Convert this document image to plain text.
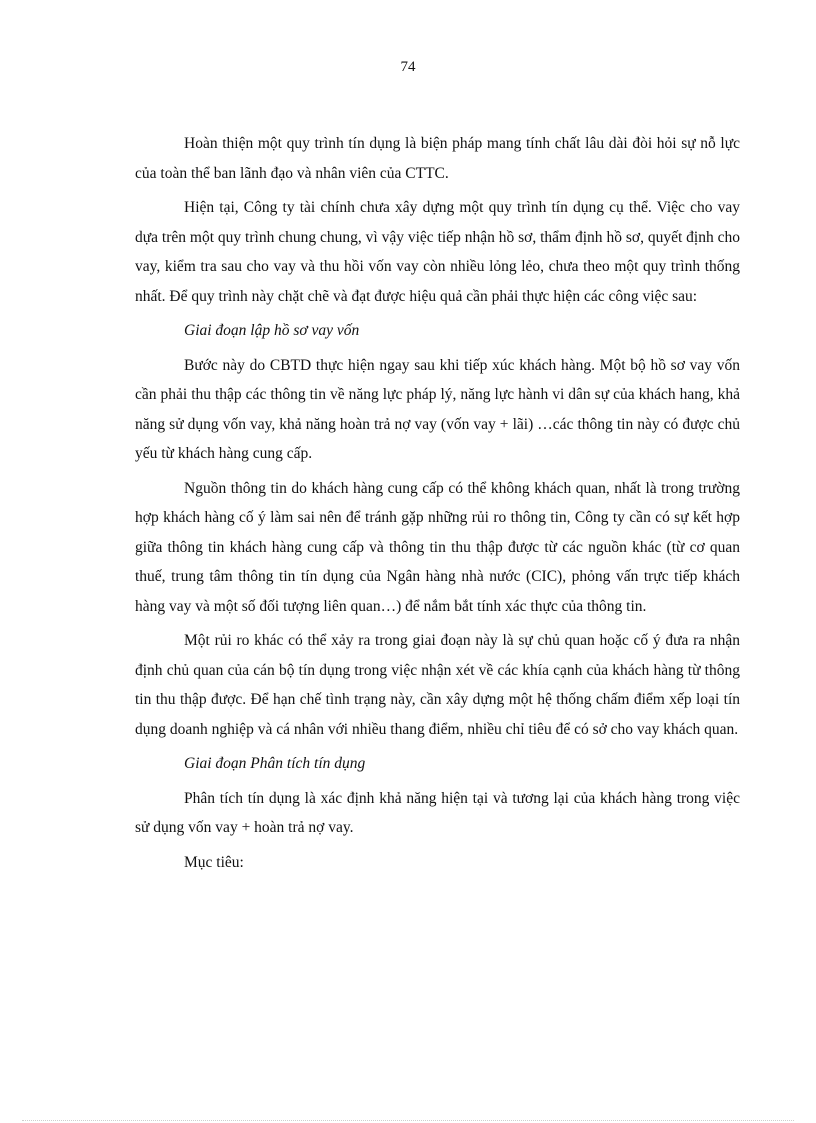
74

Hoàn thiện một quy trình tín dụng là biện pháp mang tính chất lâu dài đòi hỏi sự nỗ lực của toàn thể ban lãnh đạo và nhân viên của CTTC.

Hiện tại, Công ty tài chính chưa xây dựng một quy trình tín dụng cụ thể. Việc cho vay dựa trên một quy trình chung chung, vì vậy việc tiếp nhận hồ sơ, thẩm định hồ sơ, quyết định cho vay, kiểm tra sau cho vay và thu hồi vốn vay còn nhiều lỏng lẻo, chưa theo một quy trình thống nhất. Để quy trình này chặt chẽ và đạt được hiệu quả cần phải thực hiện các công việc sau:

Giai đoạn lập hồ sơ vay vốn

Bước này do CBTD thực hiện ngay sau khi tiếp xúc khách hàng. Một bộ hồ sơ vay vốn cần phải thu thập các thông tin về năng lực pháp lý, năng lực hành vi dân sự của khách hang, khả năng sử dụng vốn vay, khả năng hoàn trả nợ vay (vốn vay + lãi) …các thông tin này có được chủ yếu từ khách hàng cung cấp.

Nguồn thông tin do khách hàng cung cấp có thể không khách quan, nhất là trong trường hợp khách hàng cố ý làm sai nên để tránh gặp những rủi ro thông tin, Công ty cần có sự kết hợp giữa thông tin khách hàng cung cấp và thông tin thu thập được từ các nguồn khác (từ cơ quan thuế, trung tâm thông tin tín dụng của Ngân hàng nhà nước (CIC), phỏng vấn trực tiếp khách hàng vay và một số đối tượng liên quan…) để nắm bắt tính xác thực của thông tin.

Một rủi ro khác có thể xảy ra trong giai đoạn này là sự chủ quan hoặc cố ý đưa ra nhận định chủ quan của cán bộ tín dụng trong việc nhận xét về các khía cạnh của khách hàng từ thông tin thu thập được. Để hạn chế tình trạng này, cần xây dựng một hệ thống chấm điểm xếp loại tín dụng doanh nghiệp và cá nhân với nhiều thang điểm, nhiều chỉ tiêu để có sở cho vay khách quan.

Giai đoạn Phân tích tín dụng

Phân tích tín dụng là xác định khả năng hiện tại và tương lại của khách hàng trong việc sử dụng vốn vay + hoàn trả nợ vay.

Mục tiêu:
